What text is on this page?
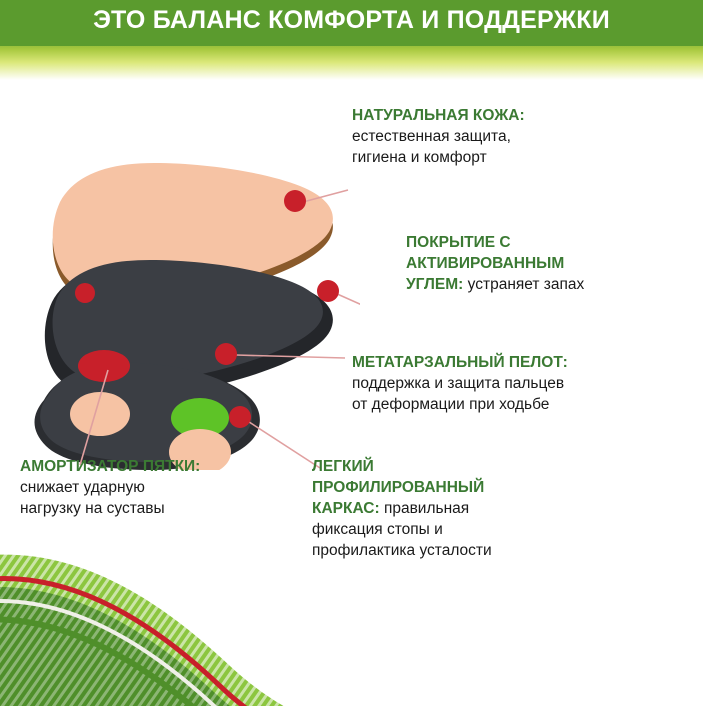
ЭТО БАЛАНС КОМФОРТА И ПОДДЕРЖКИ
НАТУРАЛЬНАЯ КОЖА:
естественная защита,
гигиена и комфорт
ПОКРЫТИЕ С
АКТИВИРОВАННЫМ
УГЛЕМ: устраняет запах
МЕТАТАРЗАЛЬНЫЙ ПЕЛОТ:
поддержка и защита пальцев
от деформации при ходьбе
АМОРТИЗАТОР ПЯТКИ:
снижает ударную
нагрузку на суставы
ЛЕГКИЙ
ПРОФИЛИРОВАННЫЙ
КАРКАС: правильная
фиксация стопы и
профилактика усталости
